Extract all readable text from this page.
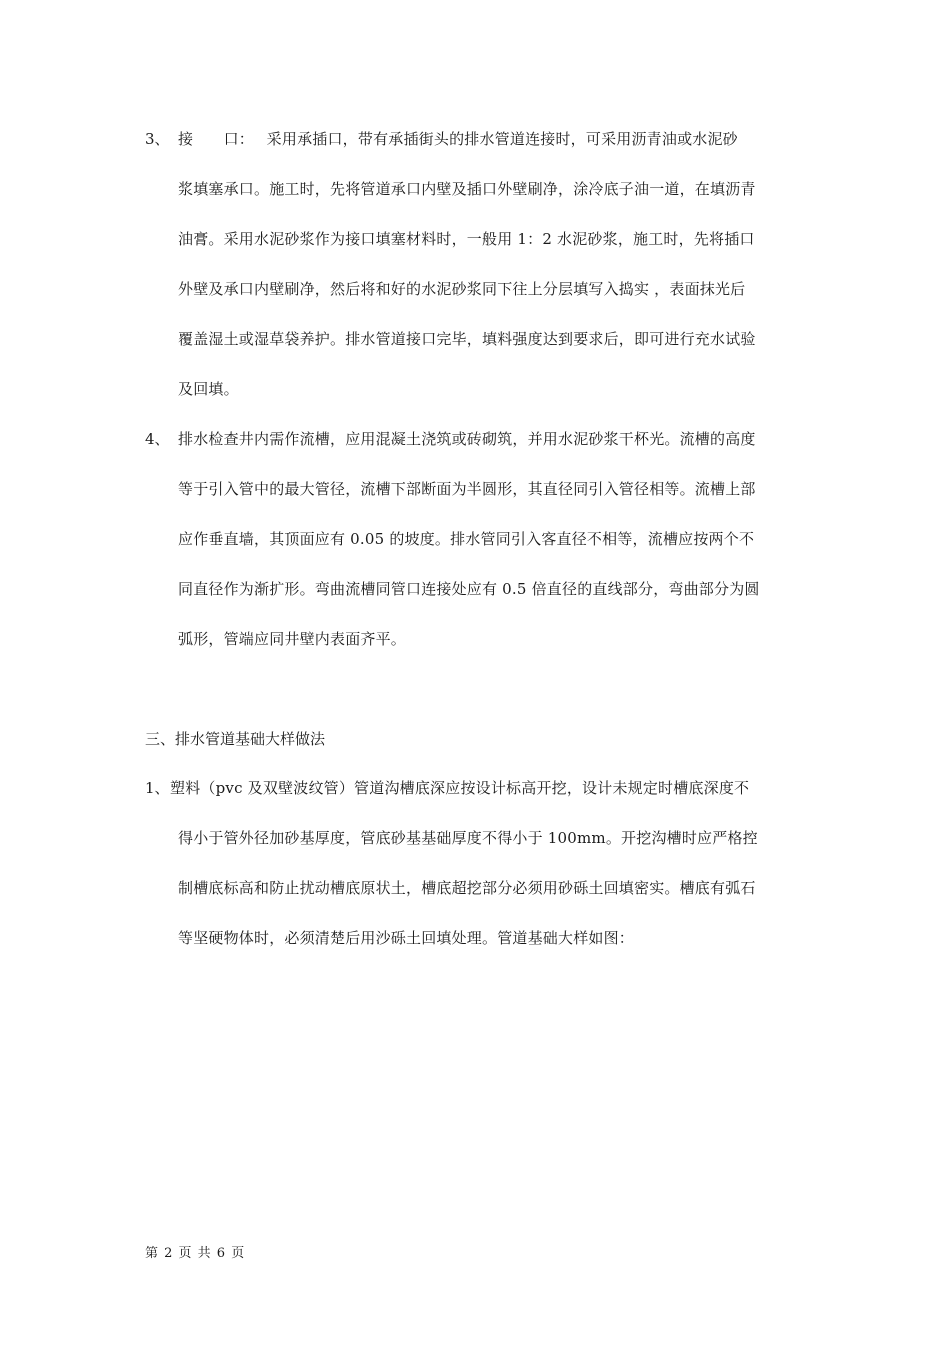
3、 接　　口：　 采用承插口，带有承插街头的排水管道连接时，可采用沥青油或水泥砂
浆填塞承口。施工时，先将管道承口内壁及插口外壁刷净，涂冷底子油一道，在填沥青
油膏。采用水泥砂浆作为接口填塞材料时，一般用 1：2 水泥砂浆，施工时，先将插口
外壁及承口内壁刷净，然后将和好的水泥砂浆同下往上分层填写入捣实 ，表面抹光后
覆盖湿土或湿草袋养护。排水管道接口完毕，填料强度达到要求后，即可进行充水试验
及回填。
4、 排水检查井内需作流槽，应用混凝土浇筑或砖砌筑，并用水泥砂浆干杯光。流槽的高度
等于引入管中的最大管径，流槽下部断面为半圆形，其直径同引入管径相等。流槽上部
应作垂直墙，其顶面应有 0.05 的坡度。排水管同引入客直径不相等，流槽应按两个不
同直径作为渐扩形。弯曲流槽同管口连接处应有 0.5 倍直径的直线部分，弯曲部分为圆
弧形，管端应同井壁内表面齐平。
三、排水管道基础大样做法
1、 塑料（pvc 及双壁波纹管）管道沟槽底深应按设计标高开挖，设计未规定时槽底深度不
得小于管外径加砂基厚度，管底砂基基础厚度不得小于 100mm。开挖沟槽时应严格控
制槽底标高和防止扰动槽底原状土，槽底超挖部分必须用砂砾土回填密实。槽底有弧石
等坚硬物体时，必须清楚后用沙砾土回填处理。管道基础大样如图：
第 2 页 共 6 页
